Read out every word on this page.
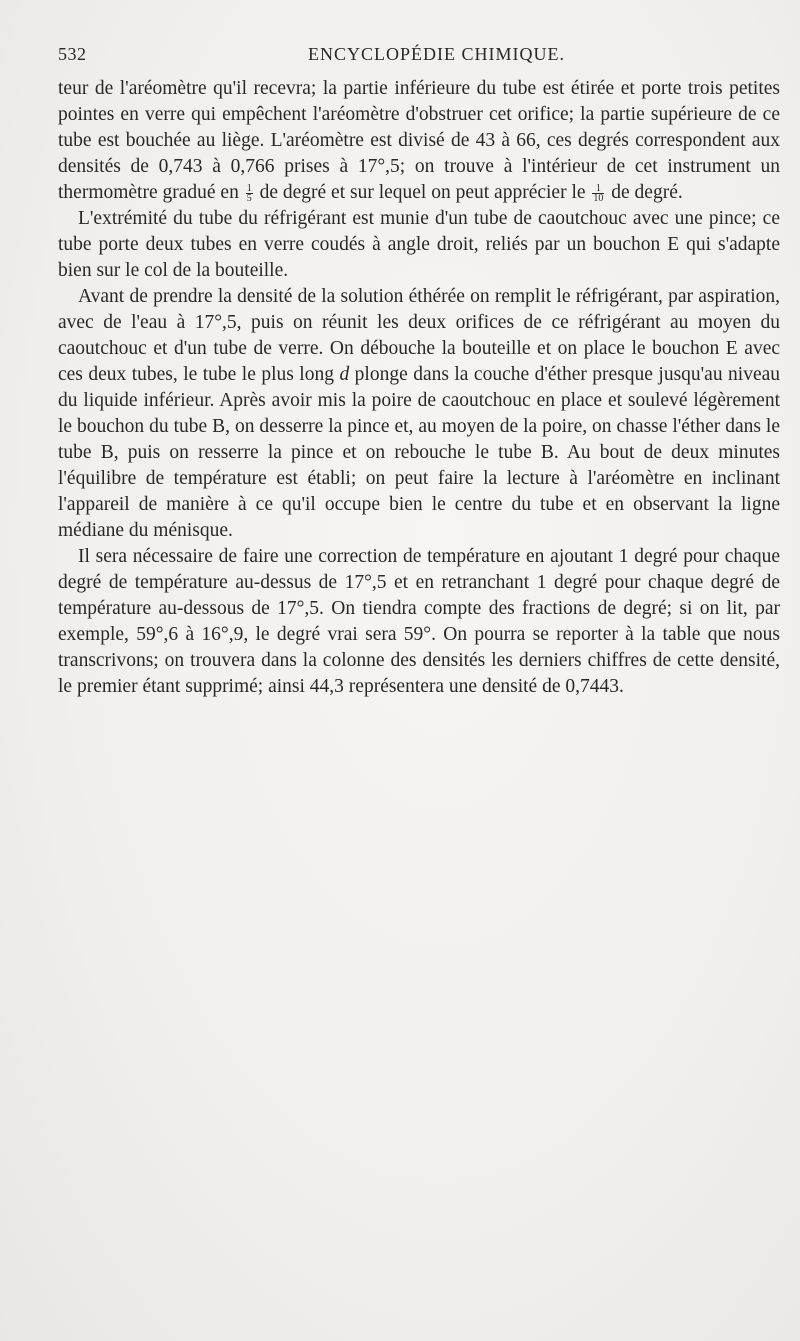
532	ENCYCLOPÉDIE CHIMIQUE.

teur de l'aréomètre qu'il recevra; la partie inférieure du tube est étirée et porte trois petites pointes en verre qui empêchent l'aréomètre d'obstruer cet orifice; la partie supérieure de ce tube est bouchée au liège. L'aréomètre est divisé de 43 à 66, ces degrés correspondent aux densités de 0,743 à 0,766 prises à 17°,5; on trouve à l'intérieur de cet instrument un thermomètre gradué en $\frac{1}{5}$ de degré et sur lequel on peut apprécier le $\frac{1}{10}$ de degré.

L'extrémité du tube du réfrigérant est munie d'un tube de caoutchouc avec une pince; ce tube porte deux tubes en verre coudés à angle droit, reliés par un bouchon E qui s'adapte bien sur le col de la bouteille.

Avant de prendre la densité de la solution éthérée on remplit le réfrigérant, par aspiration, avec de l'eau à 17°,5, puis on réunit les deux orifices de ce réfrigérant au moyen du caoutchouc et d'un tube de verre. On débouche la bouteille et on place le bouchon E avec ces deux tubes, le tube le plus long d plonge dans la couche d'éther presque jusqu'au niveau du liquide inférieur. Après avoir mis la poire de caoutchouc en place et soulevé légèrement le bouchon du tube B, on desserre la pince et, au moyen de la poire, on chasse l'éther dans le tube B, puis on resserre la pince et on rebouche le tube B. Au bout de deux minutes l'équilibre de température est établi; on peut faire la lecture à l'aréomètre en inclinant l'appareil de manière à ce qu'il occupe bien le centre du tube et en observant la ligne médiane du ménisque.

Il sera nécessaire de faire une correction de température en ajoutant 1 degré pour chaque degré de température au-dessus de 17°,5 et en retranchant 1 degré pour chaque degré de température au-dessous de 17°,5. On tiendra compte des fractions de degré; si on lit, par exemple, 59°,6 à 16°,9, le degré vrai sera 59°. On pourra se reporter à la table que nous transcrivons; on trouvera dans la colonne des densités les derniers chiffres de cette densité, le premier étant supprimé; ainsi 44,3 représentera une densité de 0,7443.
